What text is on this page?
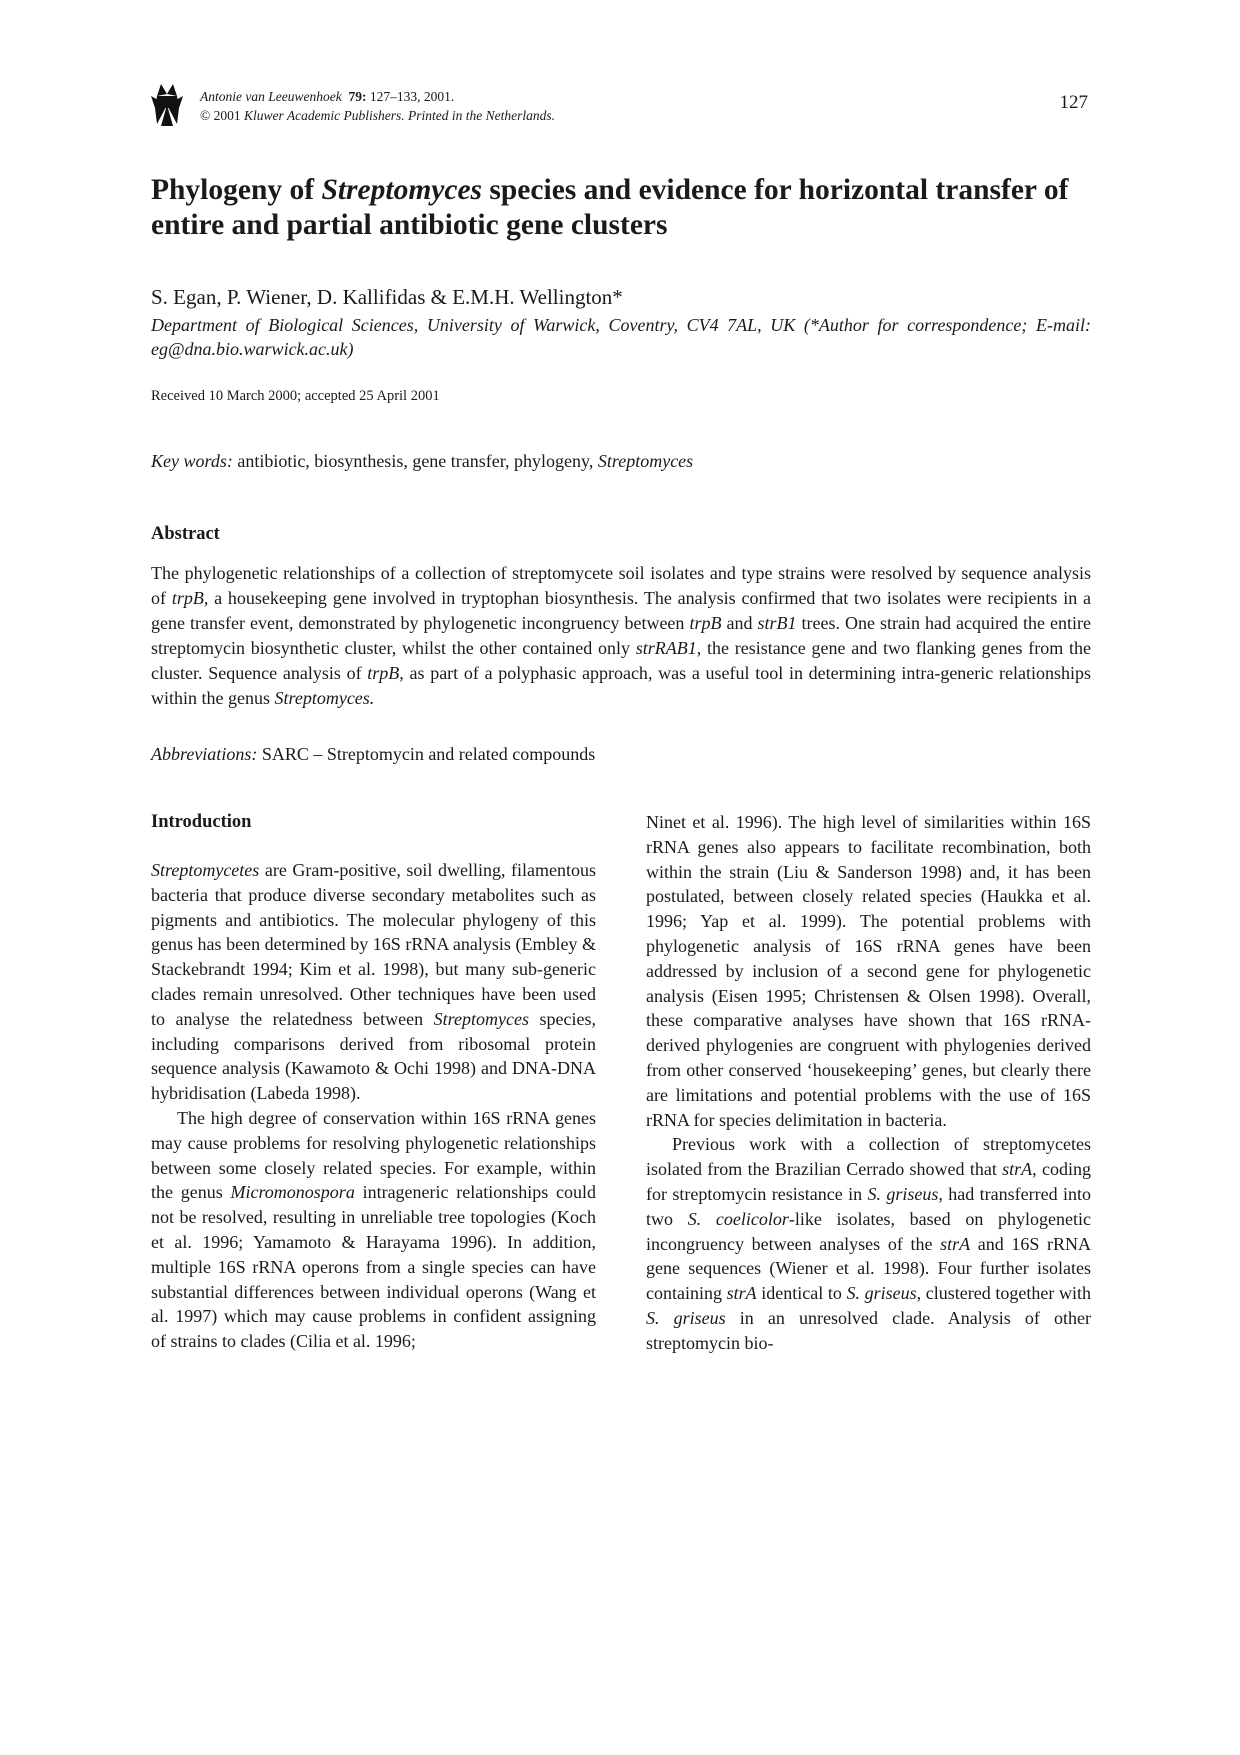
Antonie van Leeuwenhoek 79: 127–133, 2001.
© 2001 Kluwer Academic Publishers. Printed in the Netherlands.
127
Phylogeny of Streptomyces species and evidence for horizontal transfer of entire and partial antibiotic gene clusters
S. Egan, P. Wiener, D. Kallifidas & E.M.H. Wellington*
Department of Biological Sciences, University of Warwick, Coventry, CV4 7AL, UK (*Author for correspondence; E-mail: eg@dna.bio.warwick.ac.uk)
Received 10 March 2000; accepted 25 April 2001
Key words: antibiotic, biosynthesis, gene transfer, phylogeny, Streptomyces
Abstract

The phylogenetic relationships of a collection of streptomycete soil isolates and type strains were resolved by sequence analysis of trpB, a housekeeping gene involved in tryptophan biosynthesis. The analysis confirmed that two isolates were recipients in a gene transfer event, demonstrated by phylogenetic incongruency between trpB and strB1 trees. One strain had acquired the entire streptomycin biosynthetic cluster, whilst the other contained only strRAB1, the resistance gene and two flanking genes from the cluster. Sequence analysis of trpB, as part of a polyphasic approach, was a useful tool in determining intra-generic relationships within the genus Streptomyces.

Abbreviations: SARC – Streptomycin and related compounds
Introduction

Streptomycetes are Gram-positive, soil dwelling, filamentous bacteria that produce diverse secondary metabolites such as pigments and antibiotics. The molecular phylogeny of this genus has been determined by 16S rRNA analysis (Embley & Stackebrandt 1994; Kim et al. 1998), but many sub-generic clades remain unresolved. Other techniques have been used to analyse the relatedness between Streptomyces species, including comparisons derived from ribosomal protein sequence analysis (Kawamoto & Ochi 1998) and DNA-DNA hybridisation (Labeda 1998).

The high degree of conservation within 16S rRNA genes may cause problems for resolving phylogenetic relationships between some closely related species. For example, within the genus Micromonospora intrageneric relationships could not be resolved, resulting in unreliable tree topologies (Koch et al. 1996; Yamamoto & Harayama 1996). In addition, multiple 16S rRNA operons from a single species can have substantial differences between individual operons (Wang et al. 1997) which may cause problems in confident assigning of strains to clades (Cilia et al. 1996;

Ninet et al. 1996). The high level of similarities within 16S rRNA genes also appears to facilitate recombination, both within the strain (Liu & Sanderson 1998) and, it has been postulated, between closely related species (Haukka et al. 1996; Yap et al. 1999). The potential problems with phylogenetic analysis of 16S rRNA genes have been addressed by inclusion of a second gene for phylogenetic analysis (Eisen 1995; Christensen & Olsen 1998). Overall, these comparative analyses have shown that 16S rRNA-derived phylogenies are congruent with phylogenies derived from other conserved ‘housekeeping’ genes, but clearly there are limitations and potential problems with the use of 16S rRNA for species delimitation in bacteria.

Previous work with a collection of streptomycetes isolated from the Brazilian Cerrado showed that strA, coding for streptomycin resistance in S. griseus, had transferred into two S. coelicolor-like isolates, based on phylogenetic incongruency between analyses of the strA and 16S rRNA gene sequences (Wiener et al. 1998). Four further isolates containing strA identical to S. griseus, clustered together with S. griseus in an unresolved clade. Analysis of other streptomycin bio-
